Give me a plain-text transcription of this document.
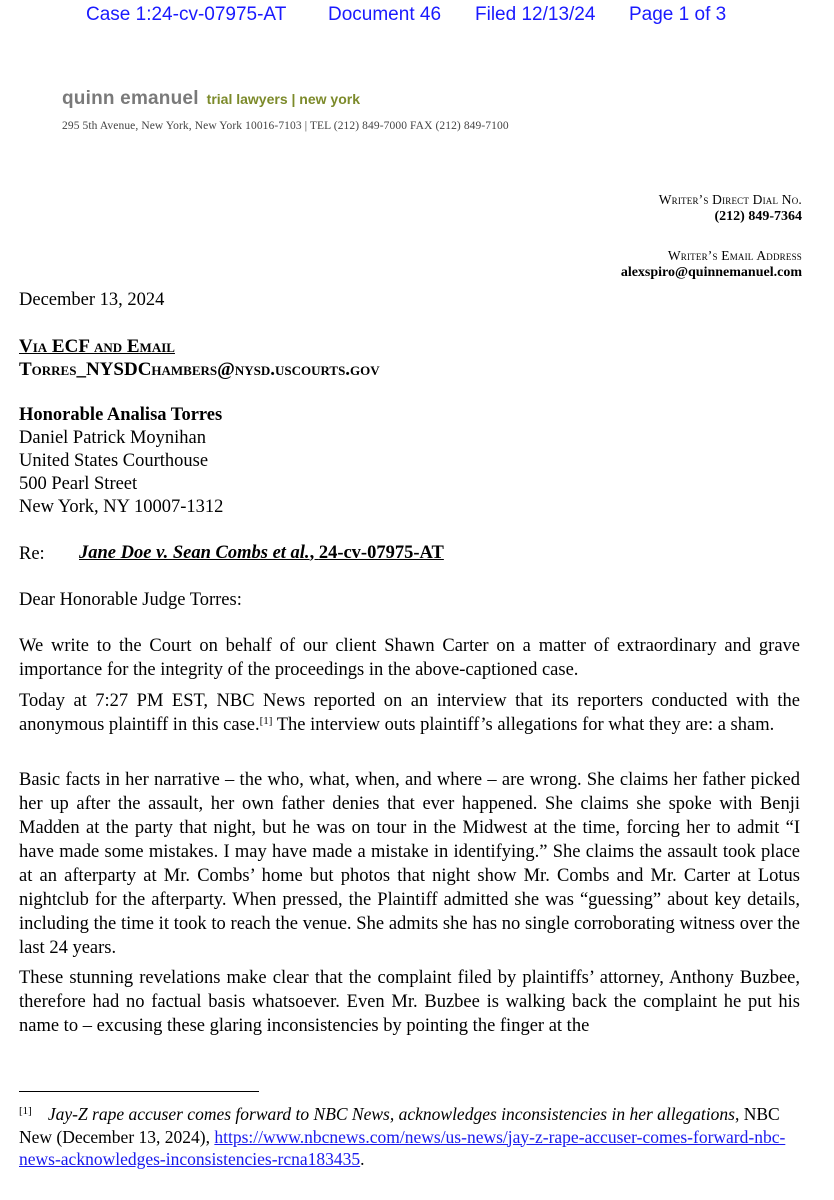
Case 1:24-cv-07975-AT Document 46 Filed 12/13/24 Page 1 of 3
quinn emanuel trial lawyers | new york
295 5th Avenue, New York, New York 10016-7103 | TEL (212) 849-7000 FAX (212) 849-7100
Writer’s Direct Dial No.
(212) 849-7364
Writer’s Email Address
alexspiro@quinnemanuel.com
December 13, 2024
Via ECF and Email
Torres_NYSDChambers@nysd.uscourts.gov
Honorable Analisa Torres
Daniel Patrick Moynihan
United States Courthouse
500 Pearl Street
New York, NY 10007-1312
Re: Jane Doe v. Sean Combs et al., 24-cv-07975-AT
Dear Honorable Judge Torres:

We write to the Court on behalf of our client Shawn Carter on a matter of extraordinary and grave importance for the integrity of the proceedings in the above-captioned case.

Today at 7:27 PM EST, NBC News reported on an interview that its reporters conducted with the anonymous plaintiff in this case.[1] The interview outs plaintiff’s allegations for what they are: a sham.

Basic facts in her narrative – the who, what, when, and where – are wrong. She claims her father picked her up after the assault, her own father denies that ever happened. She claims she spoke with Benji Madden at the party that night, but he was on tour in the Midwest at the time, forcing her to admit “I have made some mistakes. I may have made a mistake in identifying.” She claims the assault took place at an afterparty at Mr. Combs’ home but photos that night show Mr. Combs and Mr. Carter at Lotus nightclub for the afterparty. When pressed, the Plaintiff admitted she was “guessing” about key details, including the time it took to reach the venue. She admits she has no single corroborating witness over the last 24 years.

These stunning revelations make clear that the complaint filed by plaintiffs’ attorney, Anthony Buzbee, therefore had no factual basis whatsoever. Even Mr. Buzbee is walking back the complaint he put his name to – excusing these glaring inconsistencies by pointing the finger at the

[1] Jay-Z rape accuser comes forward to NBC News, acknowledges inconsistencies in her allegations, NBC New (December 13, 2024), https://www.nbcnews.com/news/us-news/jay-z-rape-accuser-comes-forward-nbc-news-acknowledges-inconsistencies-rcna183435.
